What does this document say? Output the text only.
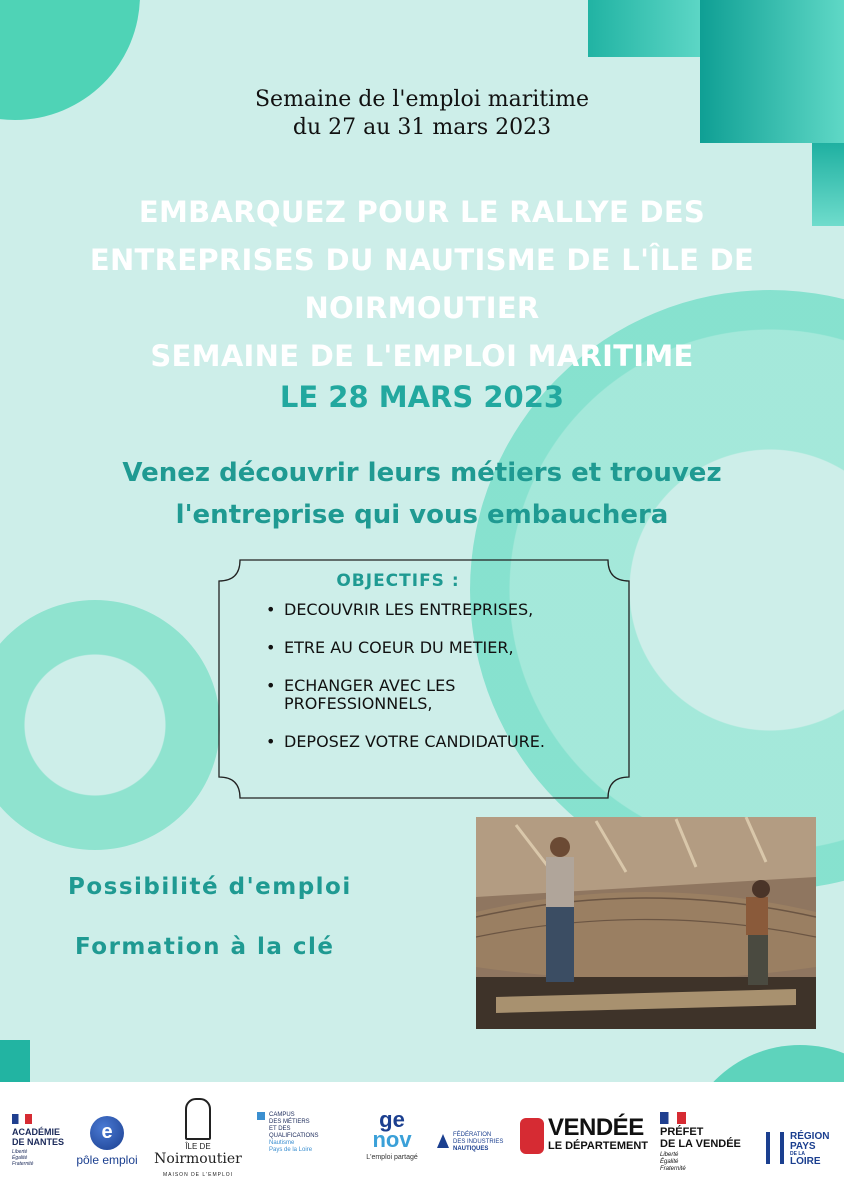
Semaine de l'emploi maritime
du 27 au 31 mars 2023
EMBARQUEZ POUR LE RALLYE DES
ENTREPRISES DU NAUTISME DE L'ÎLE DE
NOIRMOUTIER
SEMAINE DE L'EMPLOI MARITIME
LE 28 MARS 2023
Venez découvrir leurs métiers et trouvez
l'entreprise qui vous embauchera
OBJECTIFS :
• DECOUVRIR LES ENTREPRISES,
• ETRE AU COEUR DU METIER,
• ECHANGER AVEC LES PROFESSIONNELS,
• DEPOSEZ VOTRE CANDIDATURE.
Possibilité d'emploi
Formation à la clé
ACADÉMIE
DE NANTES
Liberté
Égalité
Fraternité
e
pôle emploi
ÎLE DE
Noirmoutier
MAISON DE L'EMPLOI
CAMPUS
DES MÉTIERS
ET DES
QUALIFICATIONS
Nautisme
Pays de la Loire
ge
nov
L'emploi partagé
FÉDÉRATION
DES INDUSTRIES
NAUTIQUES
VENDÉE
LE DÉPARTEMENT
PRÉFET
DE LA VENDÉE
Liberté
Égalité
Fraternité
RÉGION
PAYS
DE LA
LOIRE
